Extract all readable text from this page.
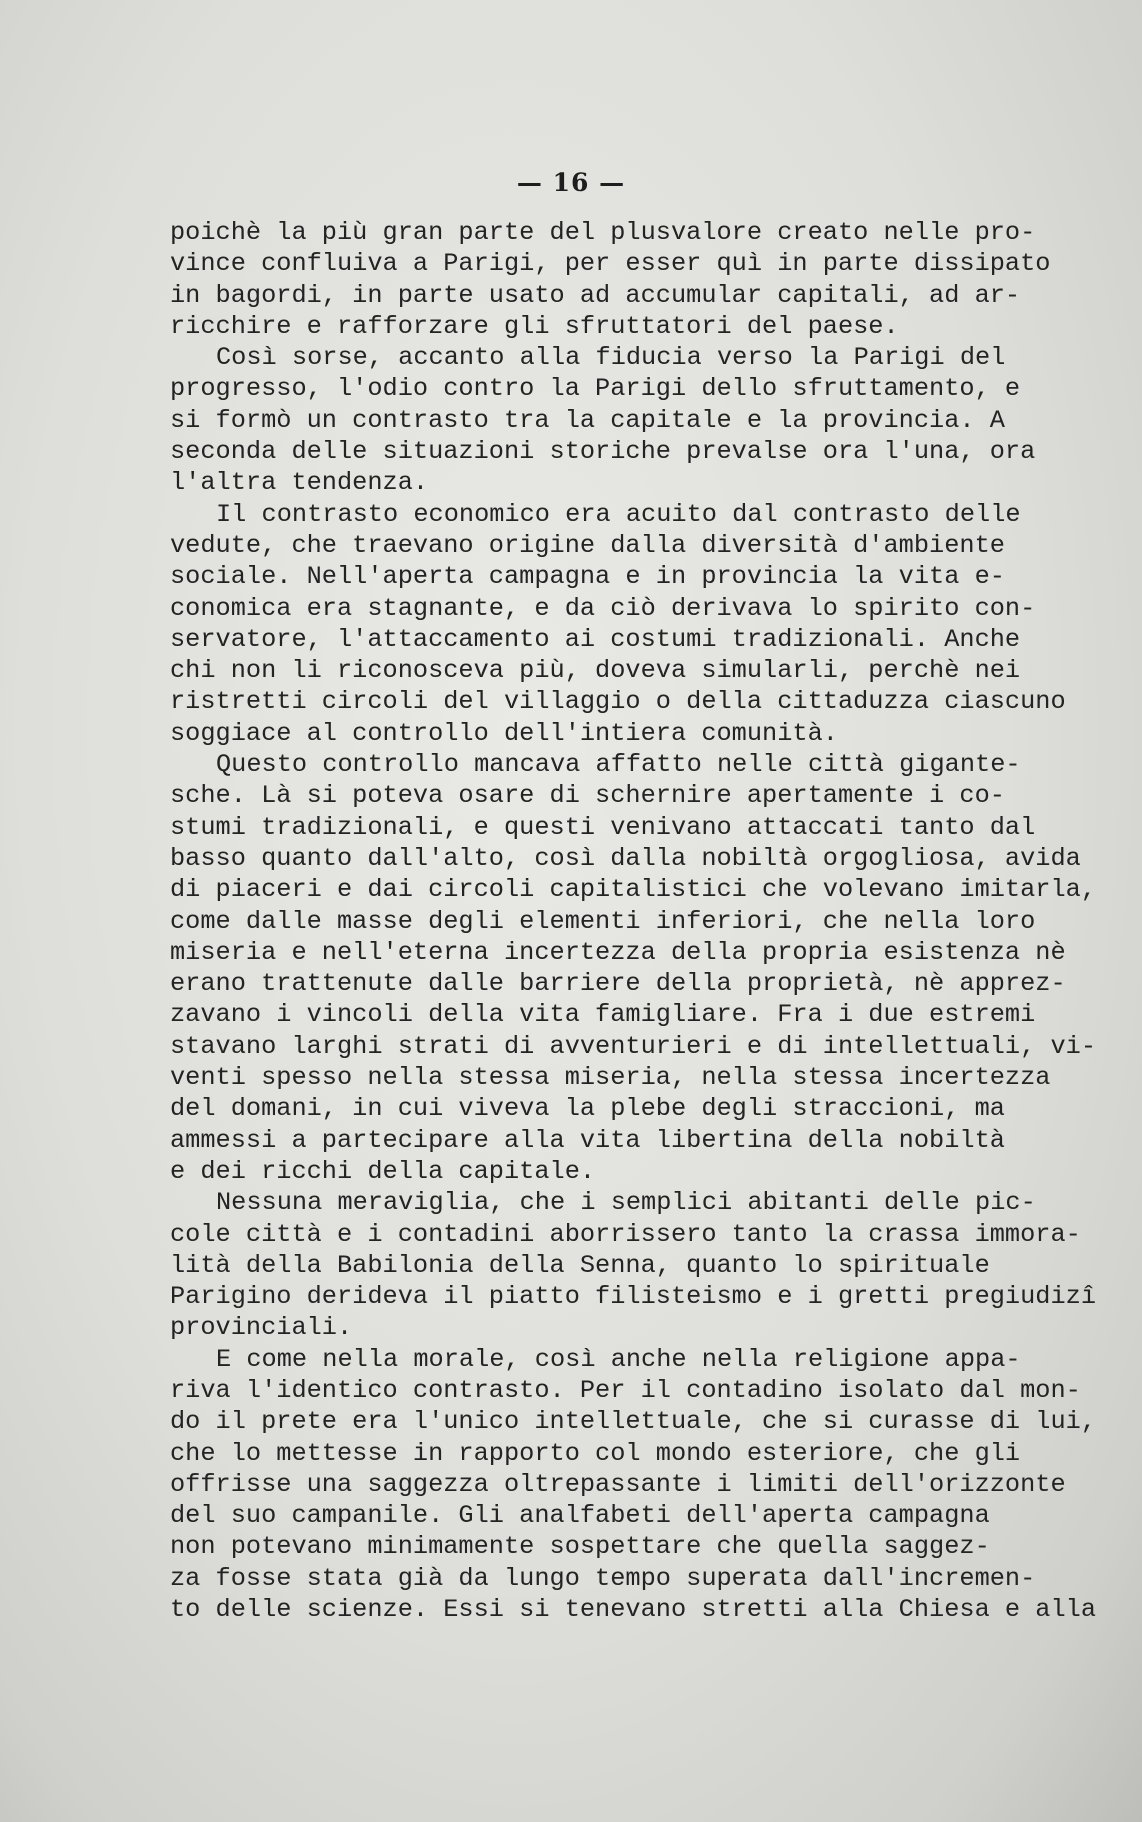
— 16 —
poichè la più gran parte del plusvalore creato nelle pro-
vince confluiva a Parigi, per esser quì in parte dissipato
in bagordi, in parte usato ad accumular capitali, ad ar-
ricchire e rafforzare gli sfruttatori del paese.
Così sorse, accanto alla fiducia verso la Parigi del
progresso, l'odio contro la Parigi dello sfruttamento, e
si formò un contrasto tra la capitale e la provincia. A
seconda delle situazioni storiche prevalse ora l'una, ora
l'altra tendenza.
Il contrasto economico era acuito dal contrasto delle
vedute, che traevano origine dalla diversità d'ambiente
sociale. Nell'aperta campagna e in provincia la vita e-
conomica era stagnante, e da ciò derivava lo spirito con-
servatore, l'attaccamento ai costumi tradizionali. Anche
chi non li riconosceva più, doveva simularli, perchè nei
ristretti circoli del villaggio o della cittaduzza ciascuno
soggiace al controllo dell'intiera comunità.
Questo controllo mancava affatto nelle città gigante-
sche. Là si poteva osare di schernire apertamente i co-
stumi tradizionali, e questi venivano attaccati tanto dal
basso quanto dall'alto, così dalla nobiltà orgogliosa, avida
di piaceri e dai circoli capitalistici che volevano imitarla,
come dalle masse degli elementi inferiori, che nella loro
miseria e nell'eterna incertezza della propria esistenza nè
erano trattenute dalle barriere della proprietà, nè apprez-
zavano i vincoli della vita famigliare. Fra i due estremi
stavano larghi strati di avventurieri e di intellettuali, vi-
venti spesso nella stessa miseria, nella stessa incertezza
del domani, in cui viveva la plebe degli straccioni, ma
ammessi a partecipare alla vita libertina della nobiltà
e dei ricchi della capitale.
Nessuna meraviglia, che i semplici abitanti delle pic-
cole città e i contadini aborrissero tanto la crassa immora-
lità della Babilonia della Senna, quanto lo spirituale
Parigino derideva il piatto filisteismo e i gretti pregiudizî
provinciali.
E come nella morale, così anche nella religione appa-
riva l'identico contrasto. Per il contadino isolato dal mon-
do il prete era l'unico intellettuale, che si curasse di lui,
che lo mettesse in rapporto col mondo esteriore, che gli
offrisse una saggezza oltrepassante i limiti dell'orizzonte
del suo campanile. Gli analfabeti dell'aperta campagna
non potevano minimamente sospettare che quella saggez-
za fosse stata già da lungo tempo superata dall'incremen-
to delle scienze. Essi si tenevano stretti alla Chiesa e alla
